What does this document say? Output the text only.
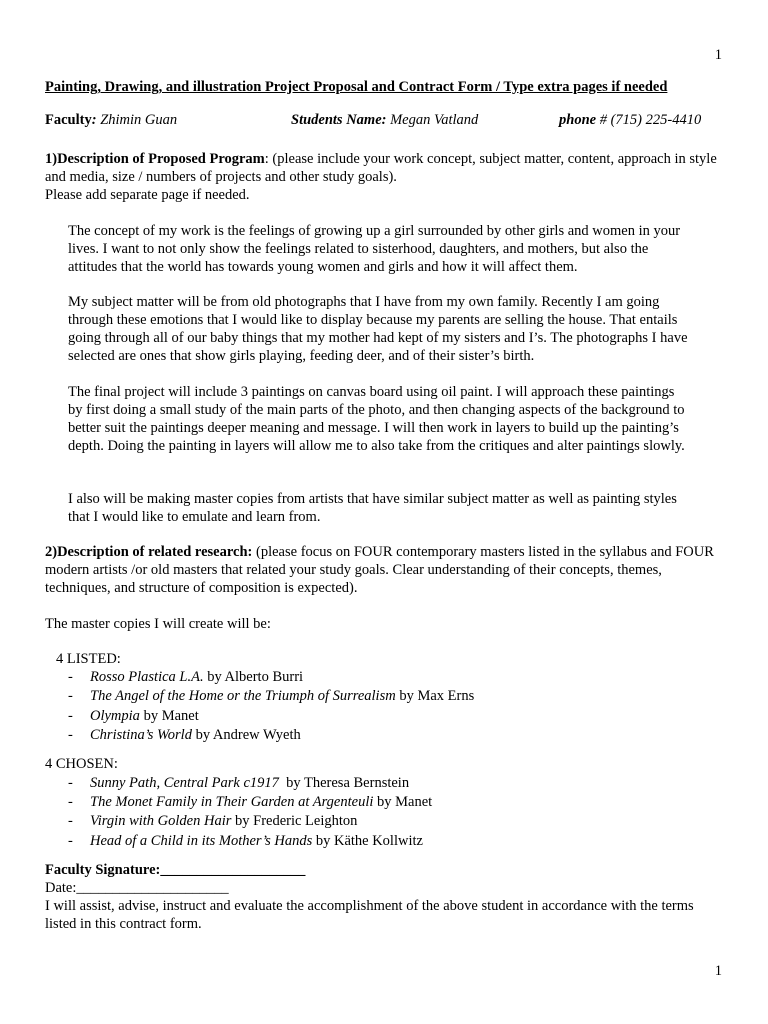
1
Painting, Drawing, and illustration Project Proposal and Contract Form / Type extra pages if needed
Faculty: Zhimin Guan	Students Name: Megan Vatland	phone # (715) 225-4410

1)Description of Proposed Program: (please include your work concept, subject matter, content, approach in style and media, size / numbers of projects and other study goals).

Please add separate page if needed.

The concept of my work is the feelings of growing up a girl surrounded by other girls and women in your lives. I want to not only show the feelings related to sisterhood, daughters, and mothers, but also the attitudes that the world has towards young women and girls and how it will affect them.

My subject matter will be from old photographs that I have from my own family. Recently I am going through these emotions that I would like to display because my parents are selling the house. That entails going through all of our baby things that my mother had kept of my sisters and I’s. The photographs I have selected are ones that show girls playing, feeding deer, and of their sister’s birth.

The final project will include 3 paintings on canvas board using oil paint. I will approach these paintings by first doing a small study of the main parts of the photo, and then changing aspects of the background to better suit the paintings deeper meaning and message. I will then work in layers to build up the painting’s depth. Doing the painting in layers will allow me to also take from the critiques and alter paintings slowly.

I also will be making master copies from artists that have similar subject matter as well as painting styles that I would like to emulate and learn from.

2)Description of related research: (please focus on FOUR contemporary masters listed in the syllabus and FOUR modern artists /or old masters that related your study goals. Clear understanding of their concepts, themes, techniques, and structure of composition is expected).

The master copies I will create will be:

4 LISTED:
- Rosso Plastica L.A. by Alberto Burri
- The Angel of the Home or the Triumph of Surrealism by Max Erns
- Olympia by Manet
- Christina’s World by Andrew Wyeth
4 CHOSEN:
- Sunny Path, Central Park c1917  by Theresa Bernstein
- The Monet Family in Their Garden at Argenteuli by Manet
- Virgin with Golden Hair by Frederic Leighton
- Head of a Child in its Mother’s Hands by Käthe Kollwitz
Faculty Signature:____________________
Date:_____________________

I will assist, advise, instruct and evaluate the accomplishment of the above student in accordance with the terms listed in this contract form.

1
